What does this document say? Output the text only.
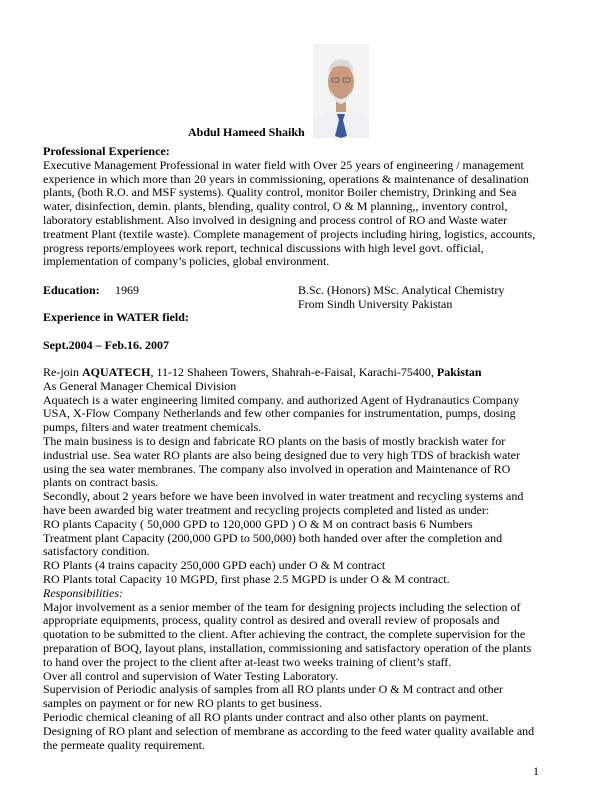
Abdul Hameed Shaikh
Professional Experience:
Executive Management Professional in water field with Over 25 years of engineering / management
experience in which more than 20 years in commissioning, operations & maintenance of desalination
plants, (both R.O. and MSF systems). Quality control, monitor Boiler chemistry, Drinking and Sea
water, disinfection, demin. plants, blending, quality control, O & M planning,, inventory control,
laboratory establishment. Also involved in designing and process control of RO and Waste water
treatment Plant (textile waste). Complete management of projects including hiring, logistics, accounts,
progress reports/employees work report, technical discussions with high level govt. official,
implementation of company’s policies, global environment.
Education: 1969	B.Sc. (Honors) MSc. Analytical Chemistry
From Sindh University Pakistan
Experience in WATER field:
Sept.2004 – Feb.16. 2007
Re-join AQUATECH, 11-12 Shaheen Towers, Shahrah-e-Faisal, Karachi-75400, Pakistan
As General Manager Chemical Division
Aquatech is a water engineering limited company. and authorized Agent of Hydranautics Company
USA, X-Flow Company Netherlands and few other companies for instrumentation, pumps, dosing
pumps, filters and water treatment chemicals.
The main business is to design and fabricate RO plants on the basis of mostly brackish water for
industrial use. Sea water RO plants are also being designed due to very high TDS of brackish water
using the sea water membranes. The company also involved in operation and Maintenance of RO
plants on contract basis.
Secondly, about 2 years before we have been involved in water treatment and recycling systems and
have been awarded big water treatment and recycling projects completed and listed as under:
RO plants Capacity ( 50,000 GPD to 120,000 GPD ) O & M on contract basis 6 Numbers
Treatment plant Capacity (200,000 GPD to 500,000) both handed over after the completion and
satisfactory condition.
RO Plants (4 trains capacity 250,000 GPD each) under O & M contract
RO Plants total Capacity 10 MGPD, first phase 2.5 MGPD is under O & M contract.
Responsibilities:
Major involvement as a senior member of the team for designing projects including the selection of
appropriate equipments, process, quality control as desired and overall review of proposals and
quotation to be submitted to the client. After achieving the contract, the complete supervision for the
preparation of BOQ, layout plans, installation, commissioning and satisfactory operation of the plants
to hand over the project to the client after at-least two weeks training of client’s staff.
Over all control and supervision of Water Testing Laboratory.
Supervision of Periodic analysis of samples from all RO plants under O & M contract and other
samples on payment or for new RO plants to get business.
Periodic chemical cleaning of all RO plants under contract and also other plants on payment.
Designing of RO plant and selection of membrane as according to the feed water quality available and
the permeate quality requirement.
1
